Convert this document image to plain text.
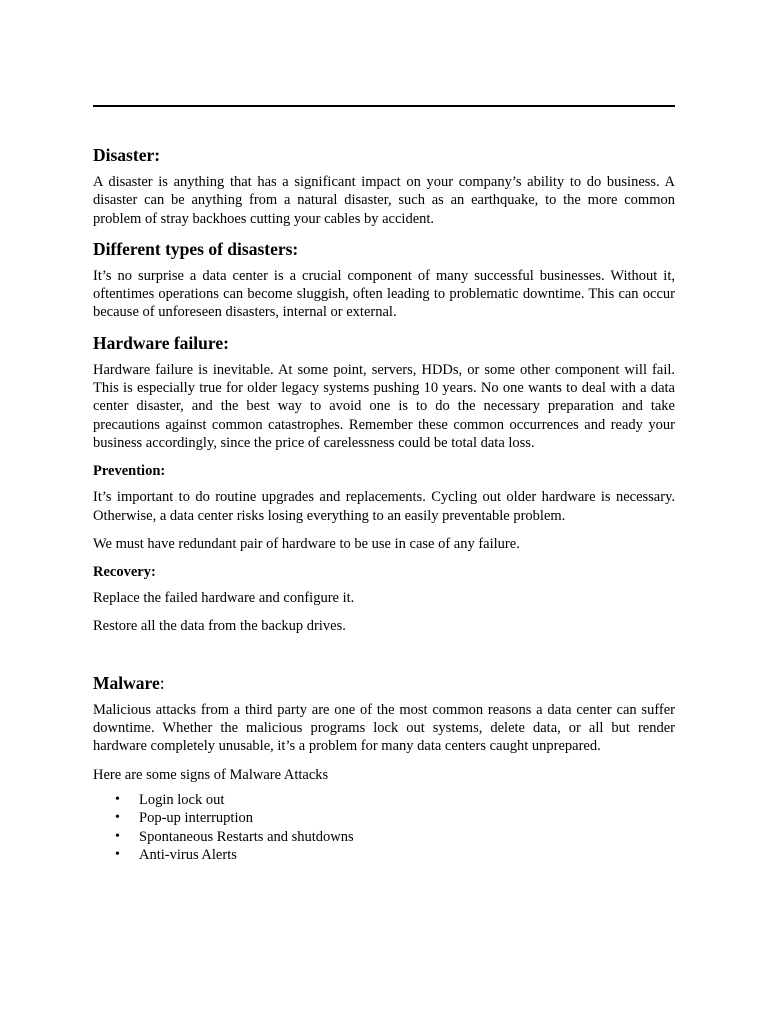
Disaster:

A disaster is anything that has a significant impact on your company’s ability to do business. A disaster can be anything from a natural disaster, such as an earthquake, to the more common problem of stray backhoes cutting your cables by accident.

Different types of disasters:

It’s no surprise a data center is a crucial component of many successful businesses. Without it, oftentimes operations can become sluggish, often leading to problematic downtime. This can occur because of unforeseen disasters, internal or external.

Hardware failure:

Hardware failure is inevitable. At some point, servers, HDDs, or some other component will fail. This is especially true for older legacy systems pushing 10 years. No one wants to deal with a data center disaster, and the best way to avoid one is to do the necessary preparation and take precautions against common catastrophes. Remember these common occurrences and ready your business accordingly, since the price of carelessness could be total data loss.

Prevention:

It’s important to do routine upgrades and replacements. Cycling out older hardware is necessary. Otherwise, a data center risks losing everything to an easily preventable problem.

We must have redundant pair of hardware to be use in case of any failure.

Recovery:

Replace the failed hardware and configure it.

Restore all the data from the backup drives.

Malware:

Malicious attacks from a third party are one of the most common reasons a data center can suffer downtime. Whether the malicious programs lock out systems, delete data, or all but render hardware completely unusable, it’s a problem for many data centers caught unprepared.

Here are some signs of Malware Attacks

• Login lock out
• Pop-up interruption
• Spontaneous Restarts and shutdowns
• Anti-virus Alerts
